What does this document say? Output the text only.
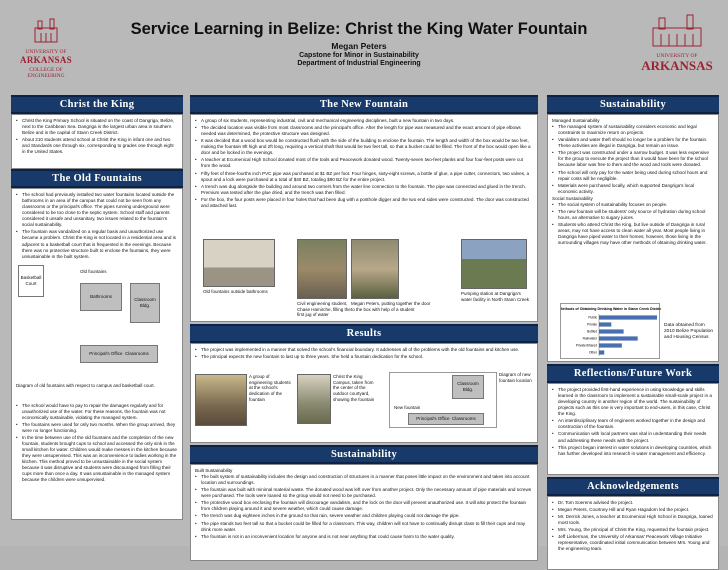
UNIVERSITY OF
ARKANSAS
COLLEGE OF
ENGINEERING
Service Learning in Belize: Christ the King Water Fountain
Megan Peters
Capstone for Minor in Sustainability
Department of Industrial Engineering
UNIVERSITY OF
ARKANSAS
Christ the King
• Christ the King Primary School is situated on the coast of Dangriga, Belize, next to the Caribbean Sea. Dangriga is the largest urban area in southern Belize and is the capital of Stann Creek District.
• About 210 students attend school at Christ the King in infant one and two and Standards one through six, corresponding to grades one through eight in the United States.
The Old Fountains
• The school had previously installed two water fountains located outside the bathrooms in an area of the campus that could not be seen from any classrooms or the principal's office. The pipes running underground were considered to be too close to the septic system. School staff and parents considered it unsafe and unsanitary, two issues related to the fountain's social sustainability.
• The fountain was vandalized on a regular basis and unauthorized use became a problem. Christ the King is not located in a residential area and is adjacent to a basketball court that is frequented in the evenings. Because there was no protective structure built to enclose the fountains, they were unsustainable in the built system.
Basketball Court
Old fountains
Bathrooms
Classroom Bldg.
Principal's Office Classrooms
Diagram of old fountains with respect to campus and basketball court.
• The school would have to pay to repair the damages regularly and for unauthorized use of the water. For these reasons, the fountain was not economically sustainable, violating the managed system.
• The fountains were used for only two months. When the group arrived, they were no longer functioning.
• In the time between use of the old fountains and the completion of the new fountain, students brought cups to school and accessed the only sink in the small kitchen for water. Children would make messes in the kitchen because they were unsupervised. This was an inconvenience to ladies working in the kitchen. This method proved to be unsustainable in the social system because it was disruptive and students were discouraged from filling their cups more than once a day. It was unsustainable in the managed system because the children were unsupervised.
The New Fountain
• A group of six students, representing industrial, civil and mechanical engineering disciplines, built a new fountain in two days.
• The decided location was visible from most classrooms and the principal's office. After the length for pipe was measured and the exact amount of pipe elbows needed was determined, the protective structure was designed.
• It was decided that a wood box would be constructed flush with the side of the building to enclose the fountain. The length and width of the box would be two feet, making the fountain 8ft high and 2ft long, requiring a vertical shaft that would be two feet tall, so that a bucket could be filled. The front of the box would open like a door and be locked in the evenings.
• A teacher at Ecumenical High School donated most of the tools and Peacework donated wood. Twenty-seven two-feet planks and four four-feet posts were cut from the wood.
• Fifty feet of three-fourths inch PVC pipe was purchased at $1 BZ per foot. Four hinges, sixty-eight screws, a bottle of glue, a pipe cutter, connectors, two valves, a spout and a lock were purchased at a total of $40 BZ, totaling $90 BZ for the entire project.
• A trench was dug alongside the building and around two corners from the water line connection to the fountain. The pipe was connected and glued in the trench. Premium was tested after the glue dried, and the trench was then filled.
• For the box, the four posts were placed in four holes that had been dug with a posthole digger and the two end sides were constructed. The door was constructed and attached last.
Old fountains outside bathrooms
Civil engineering student, Chase Hamirche, filling the first jug of water
Megan Peters, putting together the door to the box with help of a student
Pumping station at Dangriga's water facility in North Stann Creek
Results
• The project was implemented in a manner that solved the school's financial boundary. It addresses all of the problems with the old fountains and kitchen use.
• The principal expects the new fountain to last up to three years. She held a fountain dedication for the school.
A group of engineering students at the school's dedication of the fountain
Christ the King Campus, taken from the center of the outdoor courtyard, showing the fountain
Classroom Bldg.
New fountain
Principal's Office Classrooms
Diagram of new fountain location
Sustainability
Built Sustainability
• The built system of sustainability includes the design and construction of structures in a manner that poses little impact on the environment and takes into account location and surroundings.
• The fountain was built with minimal material waste. The donated wood was left over from another project. Only the necessary amount of pipe materials and screws were purchased. The tools were loaned so the group would not need to be purchased.
• The protective wood box enclosing the fountain will discourage vandalism, and the lock on the door will prevent unauthorized use. It will also protect the fountain from children playing around it and severe weather, which could cause damage.
• The trench was dug eighteen inches in the ground so that rain, severe weather and children playing could not damage the pipe.
• The pipe stands two feet tall so that a bucket could be filled for a classroom. This way, children will not have to continually disrupt class to fill their cups and may drink more water.
• The fountain is not in an inconvenient location for anyone and is not near anything that could cause harm to the water quality.
Sustainability
Managed Sustainability
• The managed system of sustainability considers economic and legal constraints to maximize return on projects.
• Vandalism and water theft should no longer be a problem for the fountain. These activities are illegal in Dangriga, but remain an issue.
• The project was constructed under a narrow budget. It was less expensive for the group to execute the project than it would have been for the school because labor was free to them and the wood and tools were donated.
• The school will only pay for the water being used during school hours and repair costs will be negligible.
• Materials were purchased locally, which supported Dangriga's local economic activity.
Social Sustainability
• The social system of sustainability focuses on people.
• The new fountain will be students' only source of hydration during school hours, an alternative to sugary juices.
• Students who attend Christ the King, but live outside of Dangriga in rural areas, may not have access to clean water all year. Most people living in Dangriga have piped water to their homes; however, those living in the surrounding villages may have other methods of obtaining drinking water.
Methods of Obtaining Drinking Water in Stann Creek District
Public
Private
Bottled
Rainwater
Private/Shared
Other
Data obtained from 2010 Belize Population and Housing Census
Reflections/Future Work
• The project provided first-hand experience in using knowledge and skills learned in the classroom to implement a sustainable small-scale project in a developing country in another region of the world. The sustainability of projects such as this one is very important to end-users, in this case, Christ the King.
• An interdisciplinary team of engineers worked together in the design and construction of the fountain.
• Communication with local partners was vital in understanding their needs and addressing these needs with the project.
• This project began interest in water solutions in developing countries, which has further developed into research in water management and efficiency.
Acknowledgements
• Dr. Tom Soerens advised the project.
• Megan Peters, Courtney Hill and Ryan Hagadorn led the project.
• Mr. Derrick Jones, a teacher at Ecumenical High School in Dangriga, loaned most tools.
• Mrs. Young, the principal of Christ the King, requested the fountain project.
• Jeff Lieberman, the University of Arkansas' Peacework Village Initiative representative, coordinated initial communication between Mrs. Young and the engineering team.
